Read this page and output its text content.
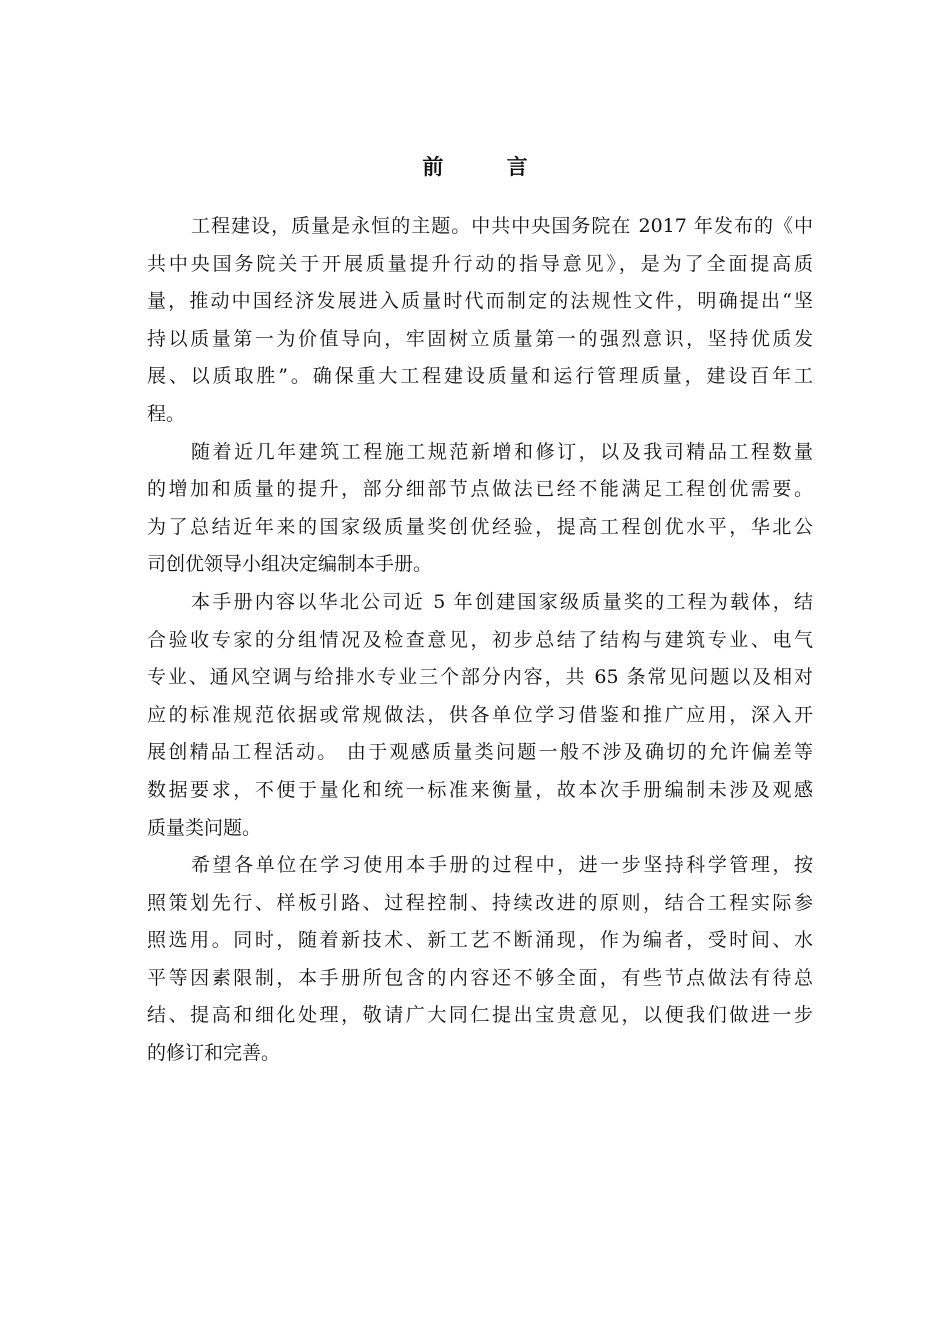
前 言
工程建设，质量是永恒的主题。中共中央国务院在 2017 年发布的《中
共中央国务院关于开展质量提升行动的指导意见》，是为了全面提高质
量，推动中国经济发展进入质量时代而制定的法规性文件，明确提出“坚
持以质量第一为价值导向，牢固树立质量第一的强烈意识，坚持优质发
展、以质取胜”。确保重大工程建设质量和运行管理质量，建设百年工
程。
随着近几年建筑工程施工规范新增和修订，以及我司精品工程数量
的增加和质量的提升，部分细部节点做法已经不能满足工程创优需要。
为了总结近年来的国家级质量奖创优经验，提高工程创优水平，华北公
司创优领导小组决定编制本手册。
本手册内容以华北公司近 5 年创建国家级质量奖的工程为载体，结
合验收专家的分组情况及检查意见，初步总结了结构与建筑专业、电气
专业、通风空调与给排水专业三个部分内容，共 65 条常见问题以及相对
应的标准规范依据或常规做法，供各单位学习借鉴和推广应用，深入开
展创精品工程活动。 由于观感质量类问题一般不涉及确切的允许偏差等
数据要求，不便于量化和统一标准来衡量，故本次手册编制未涉及观感
质量类问题。
希望各单位在学习使用本手册的过程中，进一步坚持科学管理，按
照策划先行、样板引路、过程控制、持续改进的原则，结合工程实际参
照选用。同时，随着新技术、新工艺不断涌现，作为编者，受时间、水
平等因素限制，本手册所包含的内容还不够全面，有些节点做法有待总
结、提高和细化处理，敬请广大同仁提出宝贵意见，以便我们做进一步
的修订和完善。
